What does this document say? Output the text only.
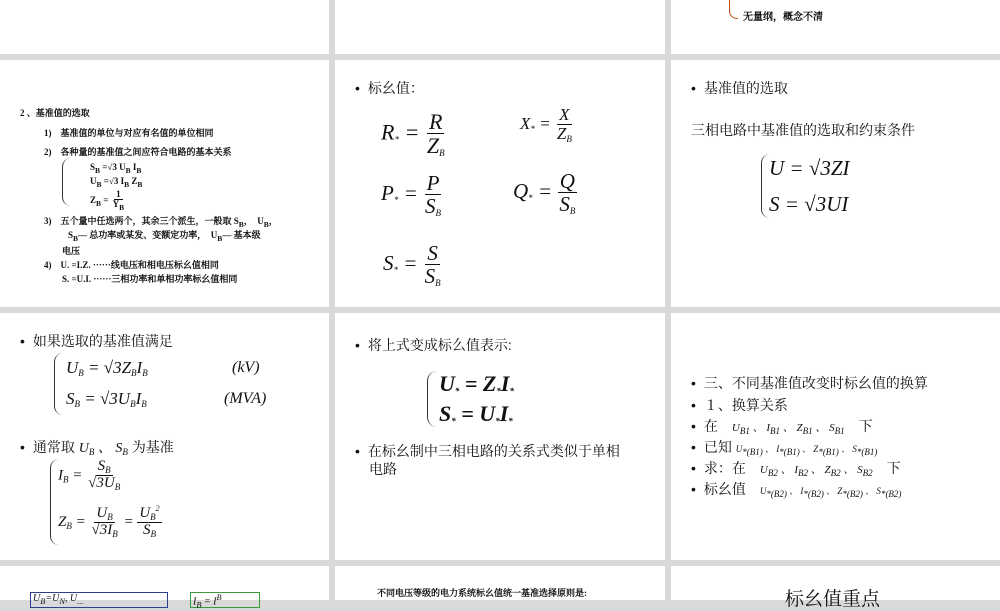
无量纲，概念不清
2 、基准值的选取
1)　基准值的单位与对应有名值的单位相同
2)　各种量的基准值之间应符合电路的基本关系
$S_B =√3$ $U_B$ $I_B$
$U_B =√3$ $I_B$ $Z_B$
$Z_B = \frac{1}{Y_B}$
3)　五个量中任选两个，其余三个派生，一般取 $S_B$，　$U_B$，
$S_B—$ 总功率或某发、变额定功率，　$U_B—$ 基本级
电压
4)　U. =I.Z. ······线电压和相电压标幺值相同
S. =U.I. ······三相功率和单相功率标幺值相同
• 标幺值：
$R_* = \frac{R}{Z_B}$	$X_* = \frac{X}{Z_B}$
$P_* = \frac{P}{S_B}$	$Q_* = \frac{Q}{S_B}$
$S_* = \frac{S}{S_B}$
• 基准值的选取
三相电路中基准值的选取和约束条件
U = √3ZI
S = √3UI
• 如果选取的基准值满足
$U_B = √3Z_BI_B$	(kV)
$S_B = √3U_BI_B$	(MVA)
• 通常取 $U_B$ 、 $S_B$ 为基准
$I_B = \frac{S_B}{√3U_B}$
$Z_B = \frac{U_B}{√3I_B} = \frac{U_B^2}{S_B}$
• 将上式变成标么值表示:
$U_* = Z_*I_*$
$S_* = U_*I_*$
• 在标幺制中三相电路的关系式类似于单相
电路
• 三、不同基准值改变时标幺值的换算
• １、换算关系
• 在　 $U_{B1}$ 、 $I_{B1}$ 、 $Z_{B1}$ 、 $S_{B1}$　 下
• 已知 U*(B1) 、 I*(B1) 、 Z*(B1) 、 S*(B1)
• 求：在　 $U_{B2}$ 、 $I_{B2}$ 、 $Z_{B2}$ 、 $S_{B2}$　 下
• 标幺值　 U*(B2) 、 I*(B2) 、 Z*(B2) 、 S*(B2)
$U_B=U_N$, $U_{...}$	$I_B = I^B$	不同电压等级的电力系统标幺值统一基准选择原则是:	标幺值重点
